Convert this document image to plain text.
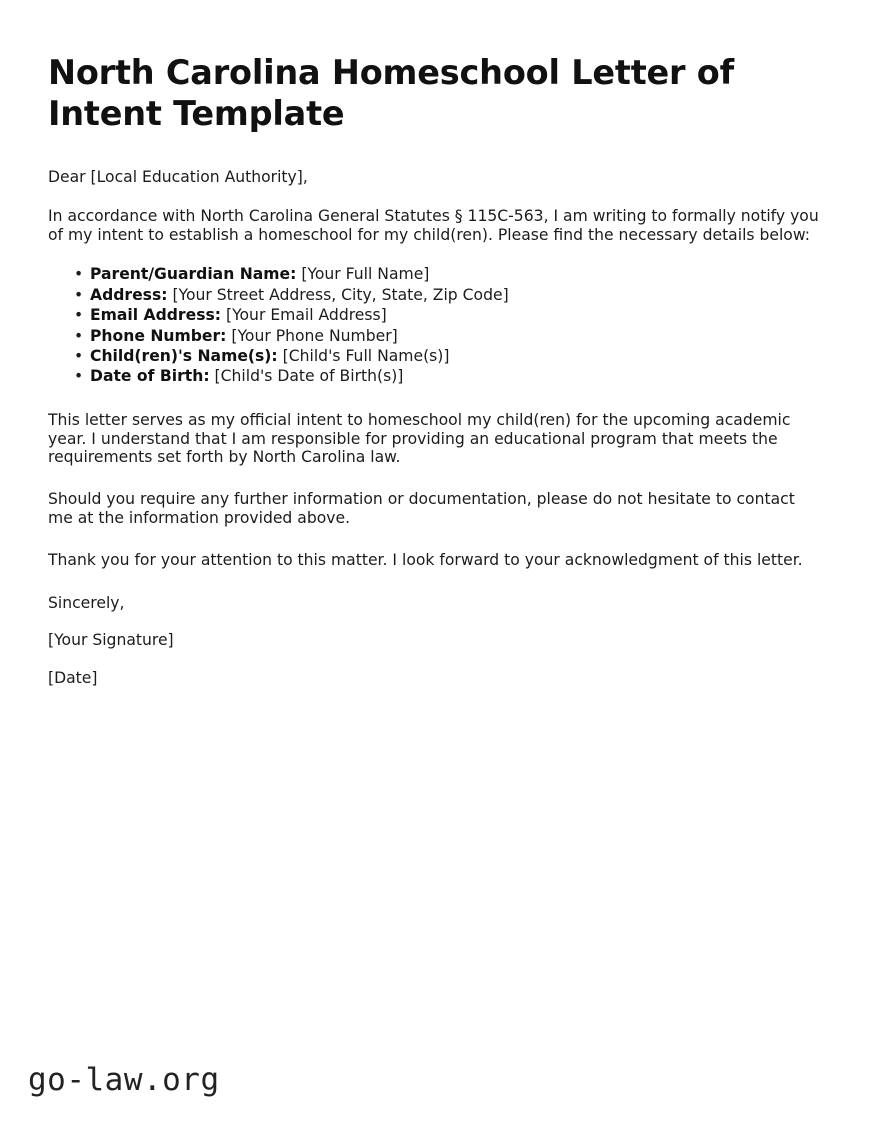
North Carolina Homeschool Letter of Intent Template

Dear [Local Education Authority],

In accordance with North Carolina General Statutes § 115C-563, I am writing to formally notify you of my intent to establish a homeschool for my child(ren). Please find the necessary details below:

• Parent/Guardian Name: [Your Full Name]
• Address: [Your Street Address, City, State, Zip Code]
• Email Address: [Your Email Address]
• Phone Number: [Your Phone Number]
• Child(ren)'s Name(s): [Child's Full Name(s)]
• Date of Birth: [Child's Date of Birth(s)]

This letter serves as my official intent to homeschool my child(ren) for the upcoming academic year. I understand that I am responsible for providing an educational program that meets the requirements set forth by North Carolina law.

Should you require any further information or documentation, please do not hesitate to contact me at the information provided above.

Thank you for your attention to this matter. I look forward to your acknowledgment of this letter.

Sincerely,

[Your Signature]

[Date]

go-law.org
